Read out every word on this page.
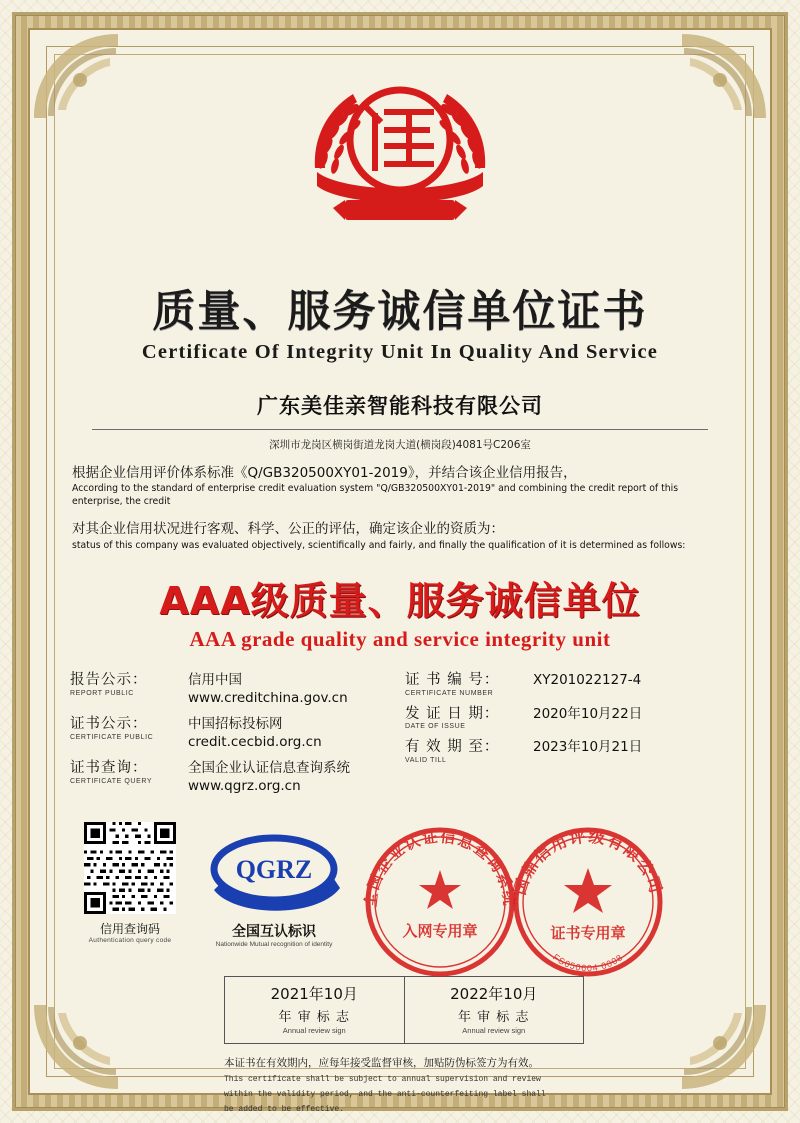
质量、服务诚信单位证书
Certificate Of Integrity Unit In Quality And Service
广东美佳亲智能科技有限公司
深圳市龙岗区横岗街道龙岗大道(横岗段)4081号C206室
根据企业信用评价体系标准《Q/GB320500XY01-2019》，并结合该企业信用报告，
According to the standard of enterprise credit evaluation system "Q/GB320500XY01-2019" and combining the credit report of this enterprise, the credit
对其企业信用状况进行客观、科学、公正的评估，确定该企业的资质为：
status of this company was evaluated objectively, scientifically and fairly, and finally the qualification of it is determined as follows:
AAA级质量、服务诚信单位
AAA grade quality and service integrity unit
报告公示：
REPORT PUBLIC
信用中国
www.creditchina.gov.cn
证书公示：
CERTIFICATE PUBLIC
中国招标投标网
credit.cecbid.org.cn
证书查询：
CERTIFICATE QUERY
全国企业认证信息查询系统
www.qgrz.org.cn
证 书 编 号：
CERTIFICATE NUMBER
XY201022127-4
发 证 日 期：
DATE OF ISSUE
2020年10月22日
有 效 期 至：
VALID TILL
2023年10月21日
信用查询码
Authentication query code
QGRZ
全国互认标识
Nationwide Mutual recognition of identity
全国企业认证信息查询系统
入网专用章
国鼎信用评级有限公司
证书专用章
FS050604 0008
2021年10月
年 审 标 志
Annual review sign
2022年10月
年 审 标 志
Annual review sign
本证书在有效期内，应每年接受监督审核，加贴防伪标签方为有效。
This certificate shall be subject to annual supervision and review
within the validity period, and the anti-counterfeiting label shall
be added to be effective.
